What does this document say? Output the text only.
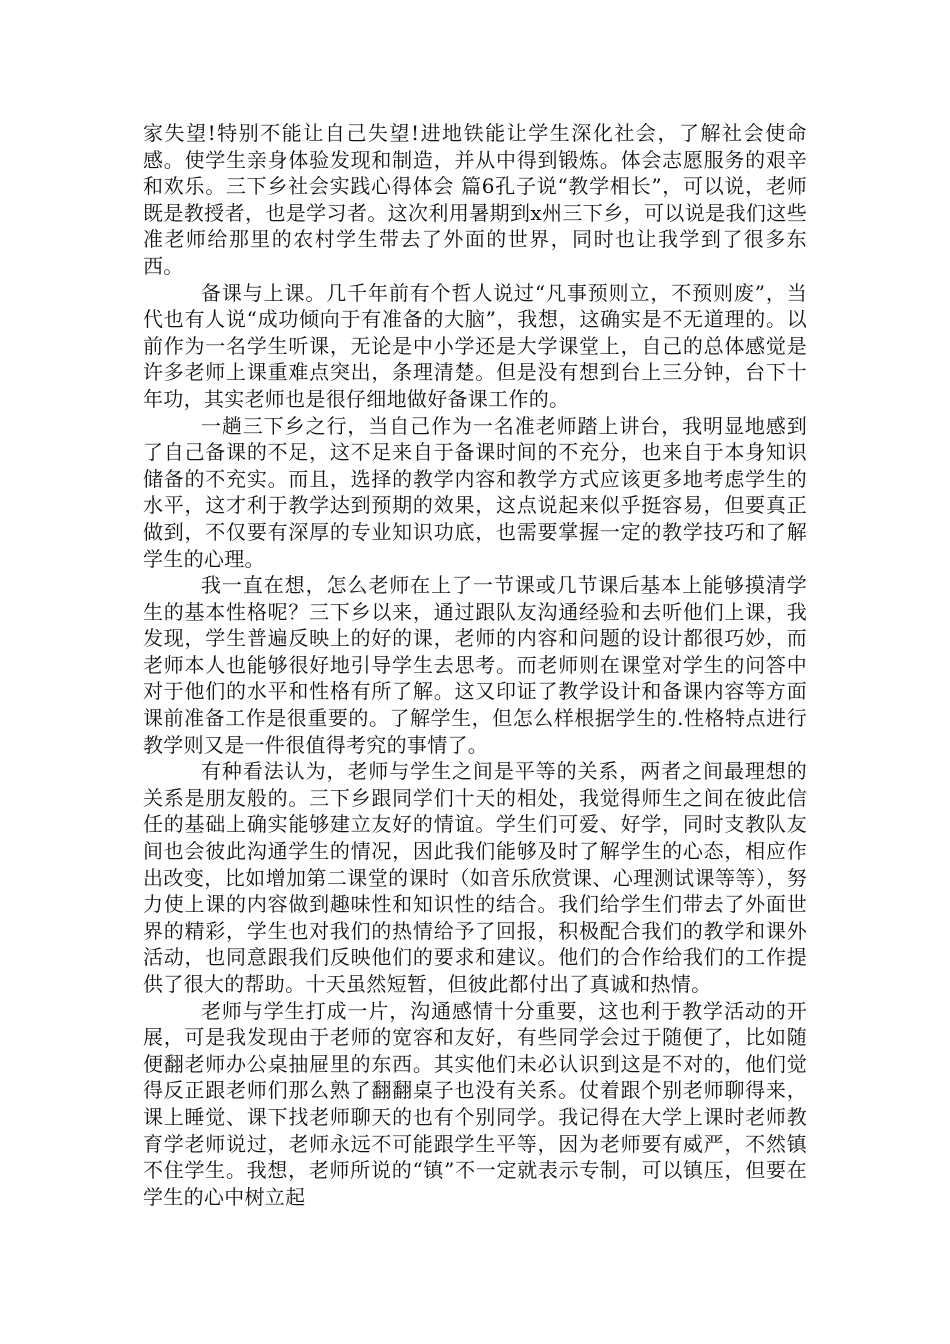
家失望!特别不能让自己失望!进地铁能让学生深化社会，了解社会使命感。使学生亲身体验发现和制造，并从中得到锻炼。体会志愿服务的艰辛和欢乐。三下乡社会实践心得体会 篇6孔子说“教学相长”，可以说，老师既是教授者，也是学习者。这次利用暑期到x州三下乡，可以说是我们这些准老师给那里的农村学生带去了外面的世界，同时也让我学到了很多东西。

备课与上课。几千年前有个哲人说过“凡事预则立，不预则废”，当代也有人说“成功倾向于有准备的大脑”，我想，这确实是不无道理的。以前作为一名学生听课，无论是中小学还是大学课堂上，自己的总体感觉是许多老师上课重难点突出，条理清楚。但是没有想到台上三分钟，台下十年功，其实老师也是很仔细地做好备课工作的。

一趟三下乡之行，当自己作为一名准老师踏上讲台，我明显地感到了自己备课的不足，这不足来自于备课时间的不充分，也来自于本身知识储备的不充实。而且，选择的教学内容和教学方式应该更多地考虑学生的水平，这才利于教学达到预期的效果，这点说起来似乎挺容易，但要真正做到，不仅要有深厚的专业知识功底，也需要掌握一定的教学技巧和了解学生的心理。

我一直在想，怎么老师在上了一节课或几节课后基本上能够摸清学生的基本性格呢？三下乡以来，通过跟队友沟通经验和去听他们上课，我发现，学生普遍反映上的好的课，老师的内容和问题的设计都很巧妙，而老师本人也能够很好地引导学生去思考。而老师则在课堂对学生的问答中对于他们的水平和性格有所了解。这又印证了教学设计和备课内容等方面课前准备工作是很重要的。了解学生，但怎么样根据学生的.性格特点进行教学则又是一件很值得考究的事情了。

有种看法认为，老师与学生之间是平等的关系，两者之间最理想的关系是朋友般的。三下乡跟同学们十天的相处，我觉得师生之间在彼此信任的基础上确实能够建立友好的情谊。学生们可爱、好学，同时支教队友间也会彼此沟通学生的情况，因此我们能够及时了解学生的心态，相应作出改变，比如增加第二课堂的课时（如音乐欣赏课、心理测试课等等），努力使上课的内容做到趣味性和知识性的结合。我们给学生们带去了外面世界的精彩，学生也对我们的热情给予了回报，积极配合我们的教学和课外活动，也同意跟我们反映他们的要求和建议。他们的合作给我们的工作提供了很大的帮助。十天虽然短暂，但彼此都付出了真诚和热情。

老师与学生打成一片，沟通感情十分重要，这也利于教学活动的开展，可是我发现由于老师的宽容和友好，有些同学会过于随便了，比如随便翻老师办公桌抽屉里的东西。其实他们未必认识到这是不对的，他们觉得反正跟老师们那么熟了翻翻桌子也没有关系。仗着跟个别老师聊得来，课上睡觉、课下找老师聊天的也有个别同学。我记得在大学上课时老师教育学老师说过，老师永远不可能跟学生平等，因为老师要有威严，不然镇不住学生。我想，老师所说的“镇”不一定就表示专制，可以镇压，但要在学生的心中树立起
